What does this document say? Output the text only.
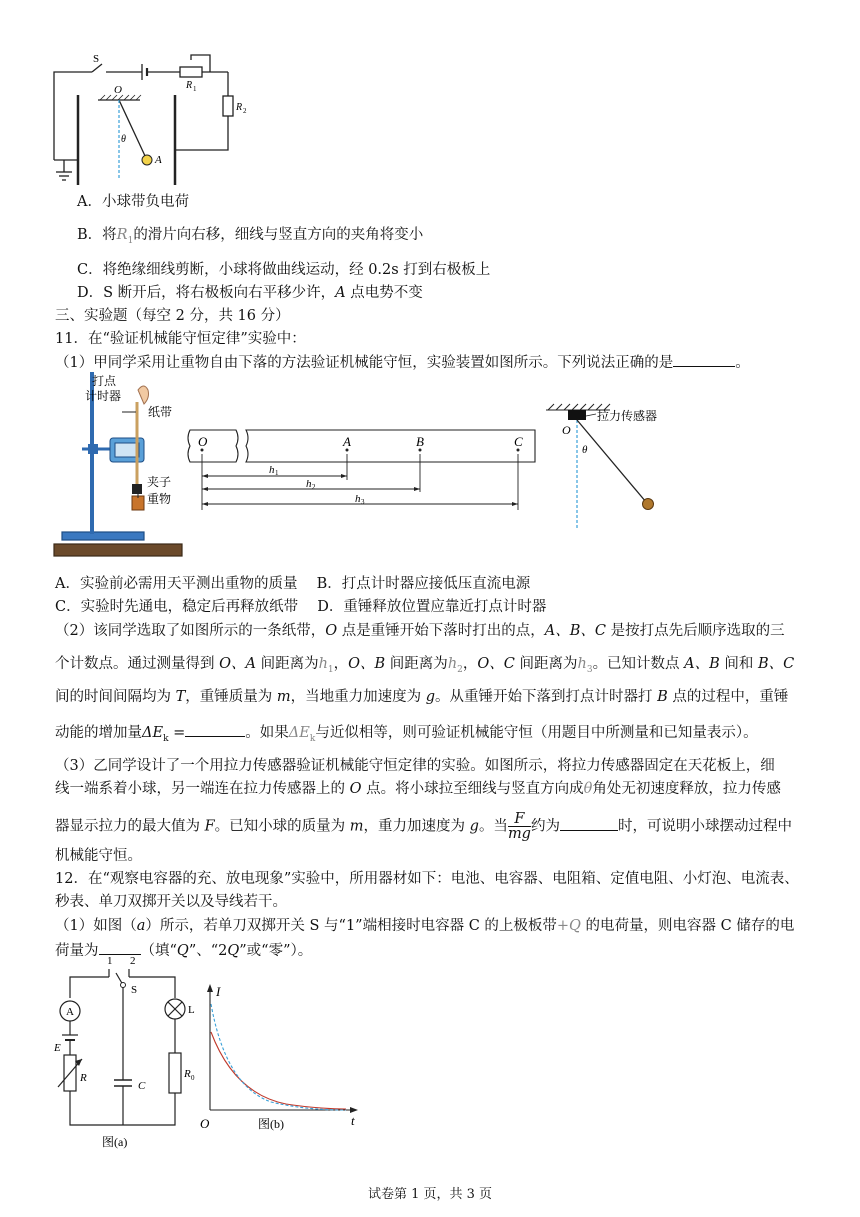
S
R 1
R 2
O
θ
A
A．小球带负电荷
B．将$R_1$的滑片向右移，细线与竖直方向的夹角将变小
C．将绝缘细线剪断，小球将做曲线运动，经 0.2s 打到右极板上
D．S 断开后，将右极板向右平移少许，A 点电势不变
三、实验题（每空 2 分，共 16 分）
11．在“验证机械能守恒定律”实验中：
（1）甲同学采用让重物自由下落的方法验证机械能守恒，实验装置如图所示。下列说法正确的是	。
打点
计时器
纸带
夹子
重物
O	A	B	C
h 1
h 2
h 3
拉力传感器
O
θ
A．实验前必需用天平测出重物的质量　 B．打点计时器应接低压直流电源
C．实验时先通电，稳定后再释放纸带　 D．重锤释放位置应靠近打点计时器
（2）该同学选取了如图所示的一条纸带，O 点是重锤开始下落时打出的点，A、B、C 是按打点先后顺序选取的三
个计数点。通过测量得到 O、A 间距离为$h_1$，O、B 间距离为$h_2$，O、C 间距离为$h_3$。已知计数点 A、B 间和 B、C
间的时间间隔均为 T，重锤质量为 m，当地重力加速度为 g。从重锤开始下落到打点计时器打 B 点的过程中，重锤
动能的增加量$\Delta E_k$ =	。如果$\Delta E_k$与近似相等，则可验证机械能守恒（用题目中所测量和已知量表示）。
（3）乙同学设计了一个用拉力传感器验证机械能守恒定律的实验。如图所示，将拉力传感器固定在天花板上，细
线一端系着小球，另一端连在拉力传感器上的 O 点。将小球拉至细线与竖直方向成θ角处无初速度释放，拉力传感
器显示拉力的最大值为 F。已知小球的质量为 m，重力加速度为 g。当 $\frac{F}{mg}$ 约为	时，可说明小球摆动过程中
机械能守恒。
12．在“观察电容器的充、放电现象”实验中，所用器材如下：电池、电容器、电阻箱、定值电阻、小灯泡、电流表、
秒表、单刀双掷开关以及导线若干。
（1）如图（a）所示，若单刀双掷开关 S 与“1”端相接时电容器 C 的上极板带+Q 的电荷量，则电容器 C 储存的电
荷量为	（填“Q”、“2Q”或“零”）。
1 2
S
A	L
E
C
R	R 0
图(a)
I
O	t
图(b)
试卷第 1 页，共 3 页
